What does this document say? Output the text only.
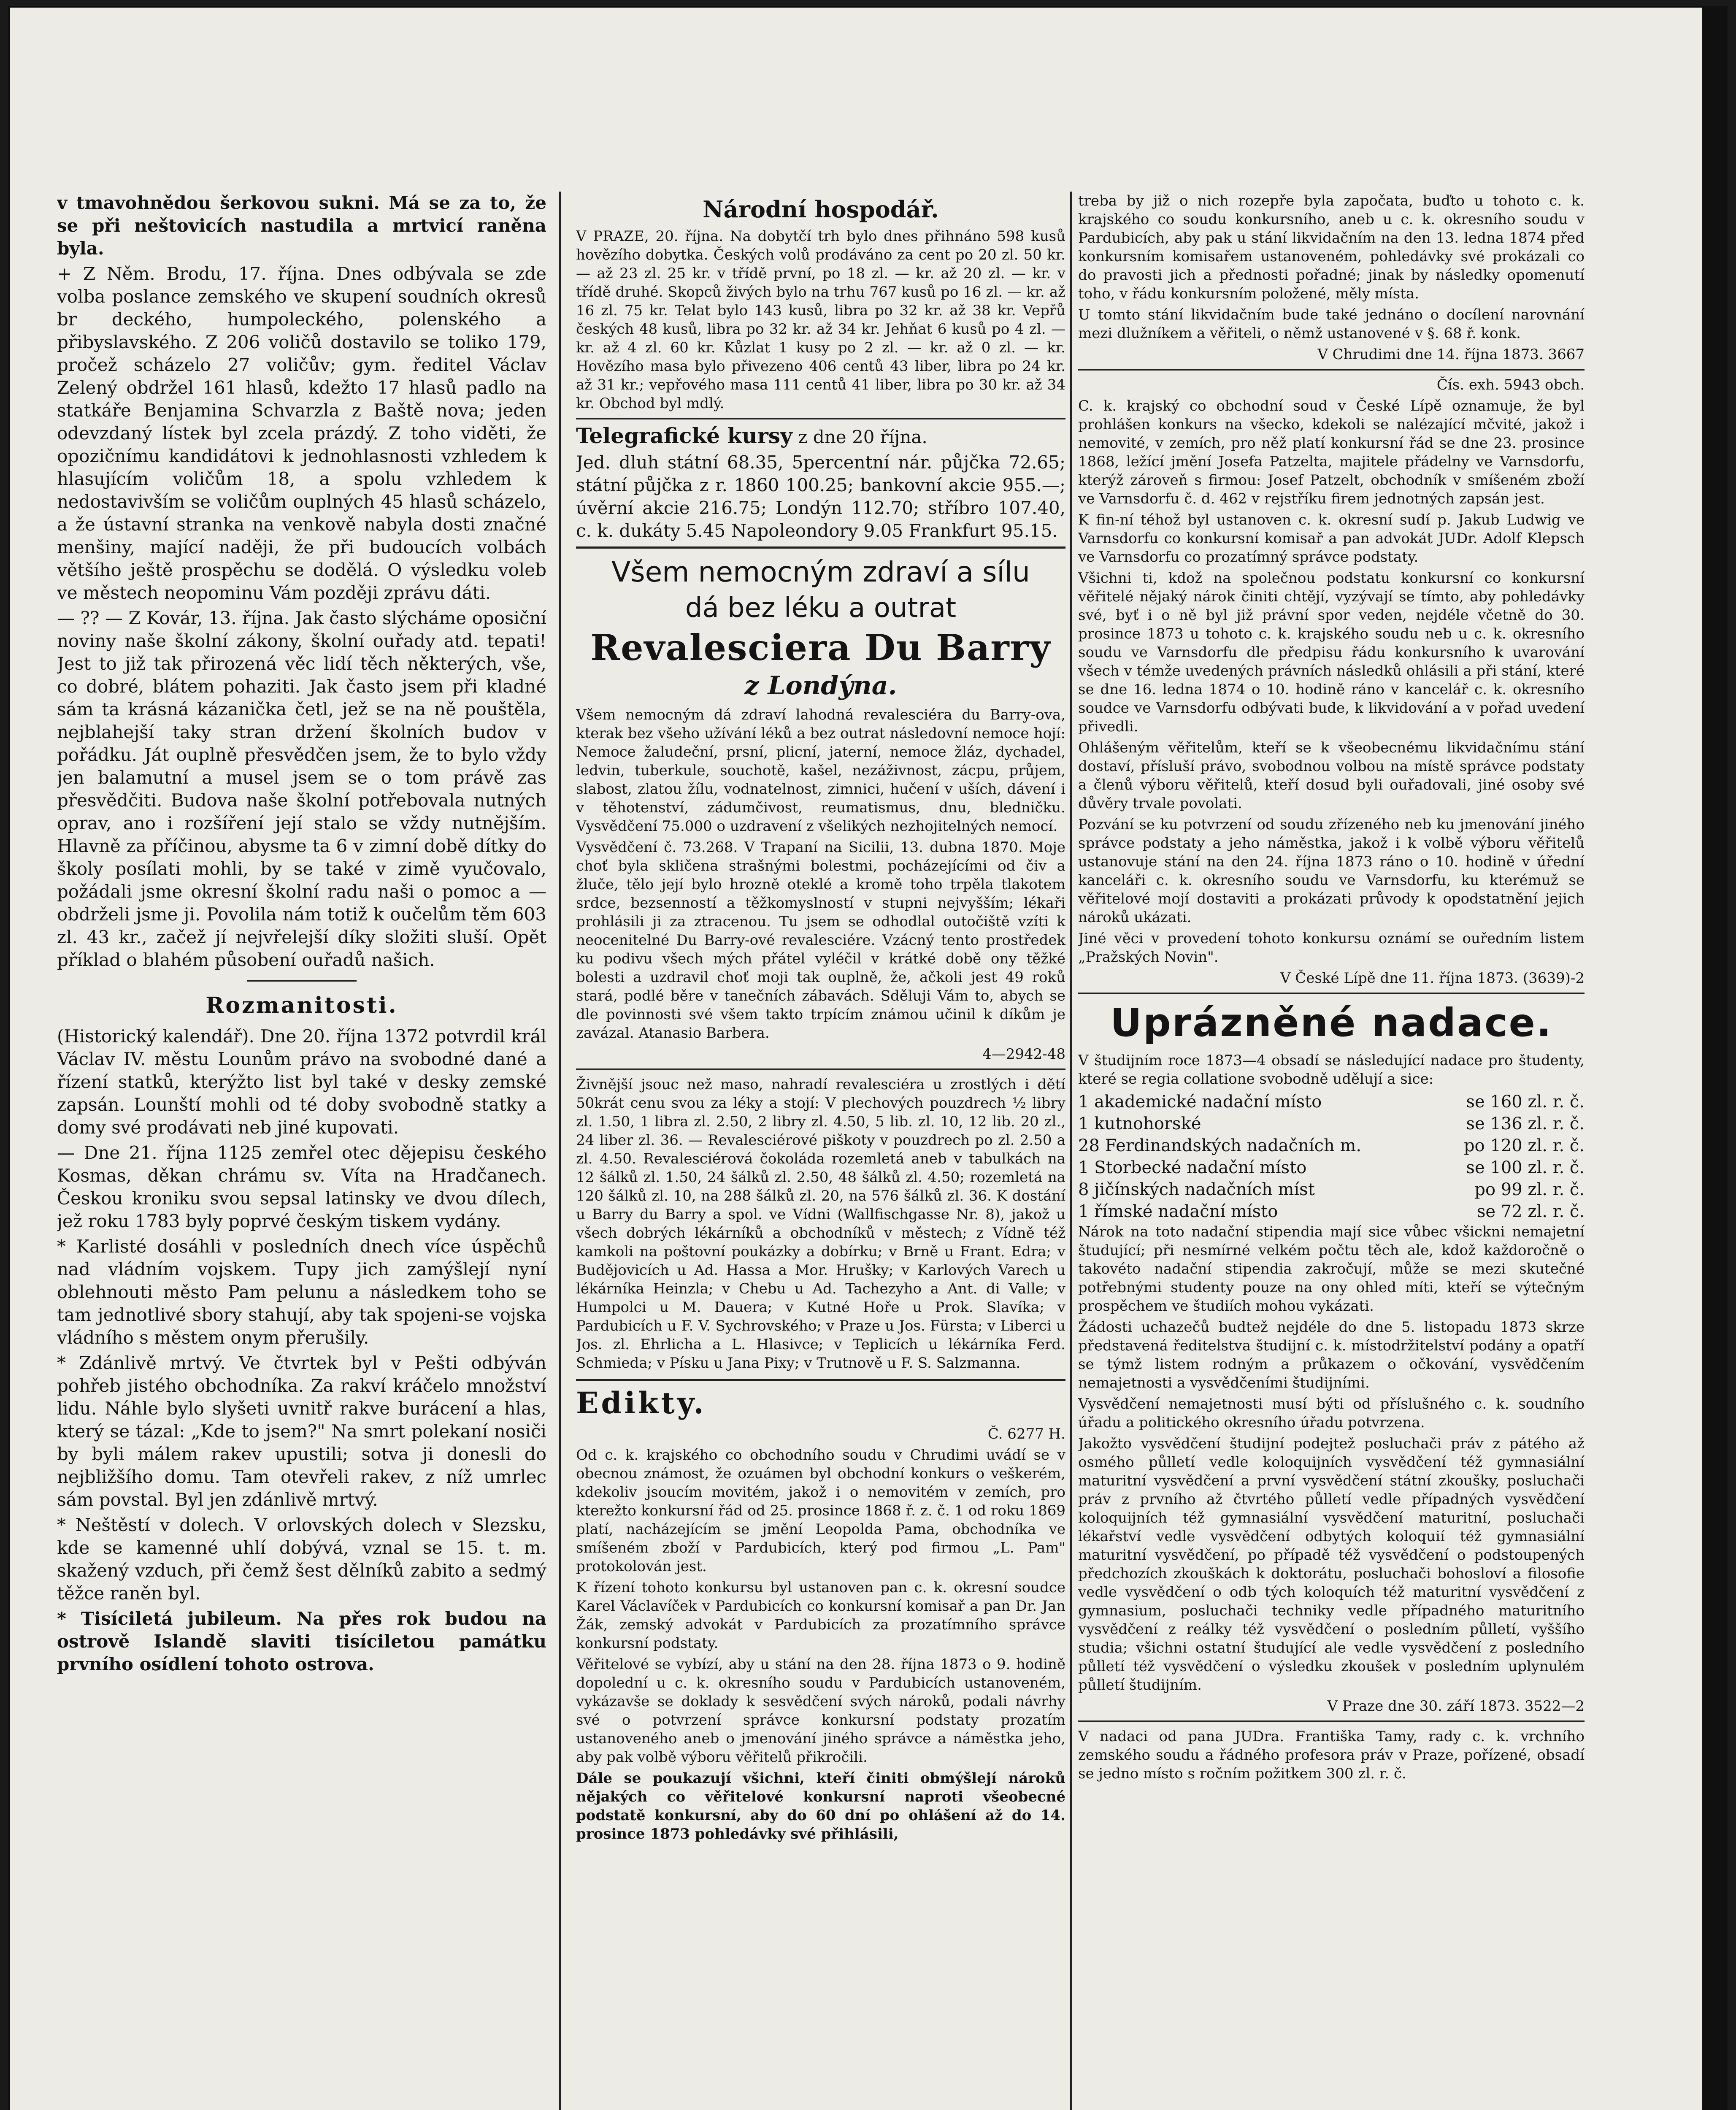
v tmavohnědou šerkovou sukni. Má se za to, že se při neštovicích nastudila a mrtvicí raněna byla.

+ Z Něm. Brodu, 17. října. Dnes odbývala se zde volba poslance zemského ve skupení soudních okresů br deckého, humpoleckého, polenského a přibyslavského. Z 206 voličů dostavilo se toliko 179, pročež scházelo 27 voličův; gym. ředitel Václav Zelený obdržel 161 hlasů, kdežto 17 hlasů padlo na statkáře Benjamina Schvarzla z Baště nova; jeden odevzdaný lístek byl zcela prázdý. Z toho viděti, že opozičnímu kandidátovi k jednohlasnosti vzhledem k hlasujícím voličům 18, a spolu vzhledem k nedostavivším se voličům ouplných 45 hlasů scházelo, a že ústavní stranka na venkově nabyla dosti značné menšiny, mající naději, že při budoucích volbách většího ještě prospěchu se dodělá. O výsledku voleb ve městech neopominu Vám později zprávu dáti.

— ?? — Z Kovár, 13. října. Jak často slýcháme oposiční noviny naše školní zákony, školní ouřady atd. tepati! Jest to již tak přirozená věc lidí těch některých, vše, co dobré, blátem pohaziti. Jak často jsem při kladné sám ta krásná kázanička četl, jež se na ně pouštěla, nejblahejší taky stran držení školních budov v pořádku. Ját ouplně přesvědčen jsem, že to bylo vždy jen balamutní a musel jsem se o tom právě zas přesvědčiti. Budova naše školní potřebovala nutných oprav, ano i rozšíření její stalo se vždy nutnějším. Hlavně za příčinou, abysme ta 6 v zimní době dítky do školy posílati mohli, by se také v zimě vyučovalo, požádali jsme okresní školní radu naši o pomoc a — obdrželi jsme ji. Povolila nám totiž k oučelům těm 603 zl. 43 kr., začež jí nejvřelejší díky složiti sluší. Opět příklad o blahém působení ouřadů našich.

Rozmanitosti.

(Historický kalendář). Dne 20. října 1372 potvrdil král Václav IV. městu Lounům právo na svobodné dané a řízení statků, kterýžto list byl také v desky zemské zapsán. Lounští mohli od té doby svobodně statky a domy své prodávati neb jiné kupovati.

— Dne 21. října 1125 zemřel otec dějepisu českého Kosmas, děkan chrámu sv. Víta na Hradčanech. Českou kroniku svou sepsal latinsky ve dvou dílech, jež roku 1783 byly poprvé českým tiskem vydány.

* Karlisté dosáhli v posledních dnech více úspěchů nad vládním vojskem. Tupy jich zamýšlejí nyní oblehnouti město Pam pelunu a následkem toho se tam jednotlivé sbory stahují, aby tak spojeni-se vojska vládního s městem onym přerušily.

* Zdánlivě mrtvý. Ve čtvrtek byl v Pešti odbýván pohřeb jistého obchodníka. Za rakví kráčelo množství lidu. Náhle bylo slyšeti uvnitř rakve burácení a hlas, který se tázal: „Kde to jsem?" Na smrt polekaní nosiči by byli málem rakev upustili; sotva ji donesli do nejbližšího domu. Tam otevřeli rakev, z níž umrlec sám povstal. Byl jen zdánlivě mrtvý.

* Neštěstí v dolech. V orlovských dolech v Slezsku, kde se kamenné uhlí dobývá, vznal se 15. t. m. skažený vzduch, při čemž šest dělníků zabito a sedmý těžce raněn byl.

* Tisíciletá jubileum. Na přes rok budou na ostrově Islandě slaviti tisíciletou památku prvního osídlení tohoto ostrova.

Národní hospodář.

V PRAZE, 20. října. Na dobytčí trh bylo dnes přihnáno 598 kusů hovězího dobytka. Českých volů prodáváno za cent po 20 zl. 50 kr. — až 23 zl. 25 kr. v třídě první, po 18 zl. — kr. až 20 zl. — kr. v třídě druhé. Skopců živých bylo na trhu 767 kusů po 16 zl. — kr. až 16 zl. 75 kr. Telat bylo 143 kusů, libra po 32 kr. až 38 kr. Vepřů českých 48 kusů, libra po 32 kr. až 34 kr. Jehňat 6 kusů po 4 zl. — kr. až 4 zl. 60 kr. Kůzlat 1 kusy po 2 zl. — kr. až 0 zl. — kr. Hovězího masa bylo přivezeno 406 centů 43 liber, libra po 24 kr. až 31 kr.; vepřového masa 111 centů 41 liber, libra po 30 kr. až 34 kr. Obchod byl mdlý.

Telegrafické kursy z dne 20 října.

Jed. dluh státní 68.35, 5percentní nár. půjčka 72.65; státní půjčka z r. 1860 100.25; bankovní akcie 955.—; úvěrní akcie 216.75; Londýn 112.70; stříbro 107.40, c. k. dukáty 5.45 Napoleondory 9.05 Frankfurt 95.15.

Všem nemocným zdraví a sílu
dá bez léku a outrat
Revalesciera Du Barry
z Londýna.

Všem nemocným dá zdraví lahodná revalesciéra du Barry-ova, kterak bez všeho užívání léků a bez outrat následovní nemoce hojí: Nemoce žaludeční, prsní, plicní, jaterní, nemoce žláz, dychadel, ledvin, tuberkule, souchotě, kašel, nezáživnost, zácpu, průjem, slabost, zlatou žílu, vodnatelnost, zimnici, hučení v uších, dávení i v těhotenství, zádumčivost, reumatismus, dnu, bledničku. Vysvědčení 75.000 o uzdravení z všelikých nezhojitelných nemocí.

Vysvědčení č. 73.268. V Trapaní na Sicilii, 13. dubna 1870. Moje choť byla skličena strašnými bolestmi, pocházejícími od čiv a žluče, tělo její bylo hrozně oteklé a kromě toho trpěla tlakotem srdce, bezsenností a těžkomyslností v stupni nejvyšším; lékaři prohlásili ji za ztracenou. Tu jsem se odhodlal outočiště vzíti k neocenitelné Du Barry-ové revalesciére. Vzácný tento prostředek ku podivu všech mých přátel vyléčil v krátké době ony těžké bolesti a uzdravil choť moji tak ouplně, že, ačkoli jest 49 roků stará, podlé běre v tanečních zábavách. Sděluji Vám to, abych se dle povinnosti své všem takto trpícím známou učinil k díkům je zavázal. Atanasio Barbera.

4—2942-48

Živnější jsouc než maso, nahradí revalesciéra u zrostlých i dětí 50krát cenu svou za léky a stojí: V plechových pouzdrech ½ libry zl. 1.50, 1 libra zl. 2.50, 2 libry zl. 4.50, 5 lib. zl. 10, 12 lib. 20 zl., 24 liber zl. 36. — Revalesciérové piškoty v pouzdrech po zl. 2.50 a zl. 4.50. Revalesciérová čokoláda rozemletá aneb v tabulkách na 12 šálků zl. 1.50, 24 šálků zl. 2.50, 48 šálků zl. 4.50; rozemletá na 120 šálků zl. 10, na 288 šálků zl. 20, na 576 šálků zl. 36. K dostání u Barry du Barry a spol. ve Vídni (Wallfischgasse Nr. 8), jakož u všech dobrých lékárníků a obchodníků v městech; z Vídně též kamkoli na poštovní poukázky a dobírku; v Brně u Frant. Edra; v Budějovicích u Ad. Hassa a Mor. Hrušky; v Karlových Varech u lékárníka Heinzla; v Chebu u Ad. Tachezyho a Ant. di Valle; v Humpolci u M. Dauera; v Kutné Hoře u Prok. Slavíka; v Pardubicích u F. V. Sychrovského; v Praze u Jos. Fürsta; v Liberci u Jos. zl. Ehrlicha a L. Hlasivce; v Teplicích u lékárníka Ferd. Schmieda; v Písku u Jana Pixy; v Trutnově u F. S. Salzmanna.

Edikty.

Č. 6277 H.

Od c. k. krajského co obchodního soudu v Chrudimi uvádí se v obecnou známost, že ozuámen byl obchodní konkurs o veškerém, kdekoliv jsoucím movitém, jakož i o nemovitém v zemích, pro kterežto konkursní řád od 25. prosince 1868 ř. z. č. 1 od roku 1869 platí, nacházejícím se jmění Leopolda Pama, obchodníka ve smíšeném zboží v Pardubicích, který pod firmou „L. Pam" protokolován jest.

K řízení tohoto konkursu byl ustanoven pan c. k. okresní soudce Karel Václavíček v Pardubicích co konkursní komisař a pan Dr. Jan Žák, zemský advokát v Pardubicích za prozatímního správce konkursní podstaty.

Věřitelové se vybízí, aby u stání na den 28. října 1873 o 9. hodině dopolední u c. k. okresního soudu v Pardubicích ustanoveném, vykázavše se doklady k sesvědčení svých nároků, podali návrhy své o potvrzení správce konkursní podstaty prozatím ustanoveného aneb o jmenování jiného správce a náměstka jeho, aby pak volbě výboru věřitelů přikročili.

Dále se poukazují všichni, kteří činiti obmýšlejí nároků nějakých co věřitelové konkursní naproti všeobecné podstatě konkursní, aby do 60 dní po ohlášení až do 14. prosince 1873 pohledávky své přihlásili,

treba by již o nich rozepře byla započata, buďto u tohoto c. k. krajského co soudu konkursního, aneb u c. k. okresního soudu v Pardubicích, aby pak u stání likvidačním na den 13. ledna 1874 před konkursním komisařem ustanoveném, pohledávky své prokázali co do pravosti jich a přednosti pořadné; jinak by následky opomenutí toho, v řádu konkursním položené, měly místa.

U tomto stání likvidačním bude také jednáno o docílení narovnání mezi dlužníkem a věřiteli, o němž ustanovené v §. 68 ř. konk.

V Chrudimi dne 14. října 1873. 3667

Čís. exh. 5943 obch.

C. k. krajský co obchodní soud v České Lípě oznamuje, že byl prohlášen konkurs na všecko, kdekoli se nalézající mčvité, jakož i nemovité, v zemích, pro něž platí konkursní řád se dne 23. prosince 1868, ležící jmění Josefa Patzelta, majitele přádelny ve Varnsdorfu, kterýž zároveň s firmou: Josef Patzelt, obchodník v smíšeném zboží ve Varnsdorfu č. d. 462 v rejstříku firem jednotných zapsán jest.

K fin-ní téhož byl ustanoven c. k. okresní sudí p. Jakub Ludwig ve Varnsdorfu co konkursní komisař a pan advokát JUDr. Adolf Klepsch ve Varnsdorfu co prozatímný správce podstaty.

Všichni ti, kdož na společnou podstatu konkursní co konkursní věřitelé nějaký nárok činiti chtějí, vyzývají se tímto, aby pohledávky své, byť i o ně byl již právní spor veden, nejdéle včetně do 30. prosince 1873 u tohoto c. k. krajského soudu neb u c. k. okresního soudu ve Varnsdorfu dle předpisu řádu konkursního k uvarování všech v témže uvedených právních následků ohlásili a při stání, které se dne 16. ledna 1874 o 10. hodině ráno v kancelář c. k. okresního soudce ve Varnsdorfu odbývati bude, k likvidování a v pořad uvedení přivedli.

Ohlášeným věřitelům, kteří se k všeobecnému likvidačnímu stání dostaví, přísluší právo, svobodnou volbou na místě správce podstaty a členů výboru věřitelů, kteří dosud byli ouřadovali, jiné osoby své důvěry trvale povolati.

Pozvání se ku potvrzení od soudu zřízeného neb ku jmenování jiného správce podstaty a jeho náměstka, jakož i k volbě výboru věřitelů ustanovuje stání na den 24. října 1873 ráno o 10. hodině v úřední kanceláři c. k. okresního soudu ve Varnsdorfu, ku kterémuž se věřitelové mojí dostaviti a prokázati průvody k opodstatnění jejich nároků ukázati.

Jiné věci v provedení tohoto konkursu oznámí se ouředním listem „Pražských Novin".

V České Lípě dne 11. října 1873. (3639)-2

Uprázněné nadace.

V študijním roce 1873—4 obsadí se následující nadace pro študenty, které se regia collatione svobodně udělují a sice:

1 akademické nadační místo	se 160 zl. r. č.
1 kutnohorské	se 136 zl. r. č.
28 Ferdinandských nadačních m.	po 120 zl. r. č.
1 Storbecké nadační místo	se 100 zl. r. č.
8 jičínských nadačních míst	po 99 zl. r. č.
1 římské nadační místo	se 72 zl. r. č.

Nárok na toto nadační stipendia mají sice vůbec všickni nemajetní študující; při nesmírné velkém počtu těch ale, kdož každoročně o takovéto nadační stipendia zakročují, může se mezi skutečné potřebnými studenty pouze na ony ohled míti, kteří se výtečným prospěchem ve študiích mohou vykázati.

Žádosti uchazečů budtež nejdéle do dne 5. listopadu 1873 skrze představená ředitelstva študijní c. k. místodržitelství podány a opatří se týmž listem rodným a průkazem o očkování, vysvědčením nemajetnosti a vysvědčeními študijními.

Vysvědčení nemajetnosti musí býti od příslušného c. k. soudního úřadu a politického okresního úřadu potvrzena.

Jakožto vysvědčení študijní podejtež posluchači práv z pátého až osmého půlletí vedle koloquijních vysvědčení též gymnasiální maturitní vysvědčení a první vysvědčení státní zkoušky, posluchači práv z prvního až čtvrtého půlletí vedle případných vysvědčení koloquijních též gymnasiální vysvědčení maturitní, posluchači lékařství vedle vysvědčení odbytých koloquií též gymnasiální maturitní vysvědčení, po případě též vysvědčení o podstoupených předchozích zkouškách k doktorátu, posluchači bohosloví a filosofie vedle vysvědčení o odb tých koloquích též maturitní vysvědčení z gymnasium, posluchači techniky vedle případného maturitního vysvědčení z reálky též vysvědčení o posledním půlletí, vyššího studia; všichni ostatní študující ale vedle vysvědčení z posledního půlletí též vysvědčení o výsledku zkoušek v posledním uplynulém půlletí študijním.

V Praze dne 30. září 1873. 3522—2

V nadaci od pana JUDra. Františka Tamy, rady c. k. vrchního zemského soudu a řádného profesora práv v Praze, pořízené, obsadí se jedno místo s ročním požitkem 300 zl. r. č.
